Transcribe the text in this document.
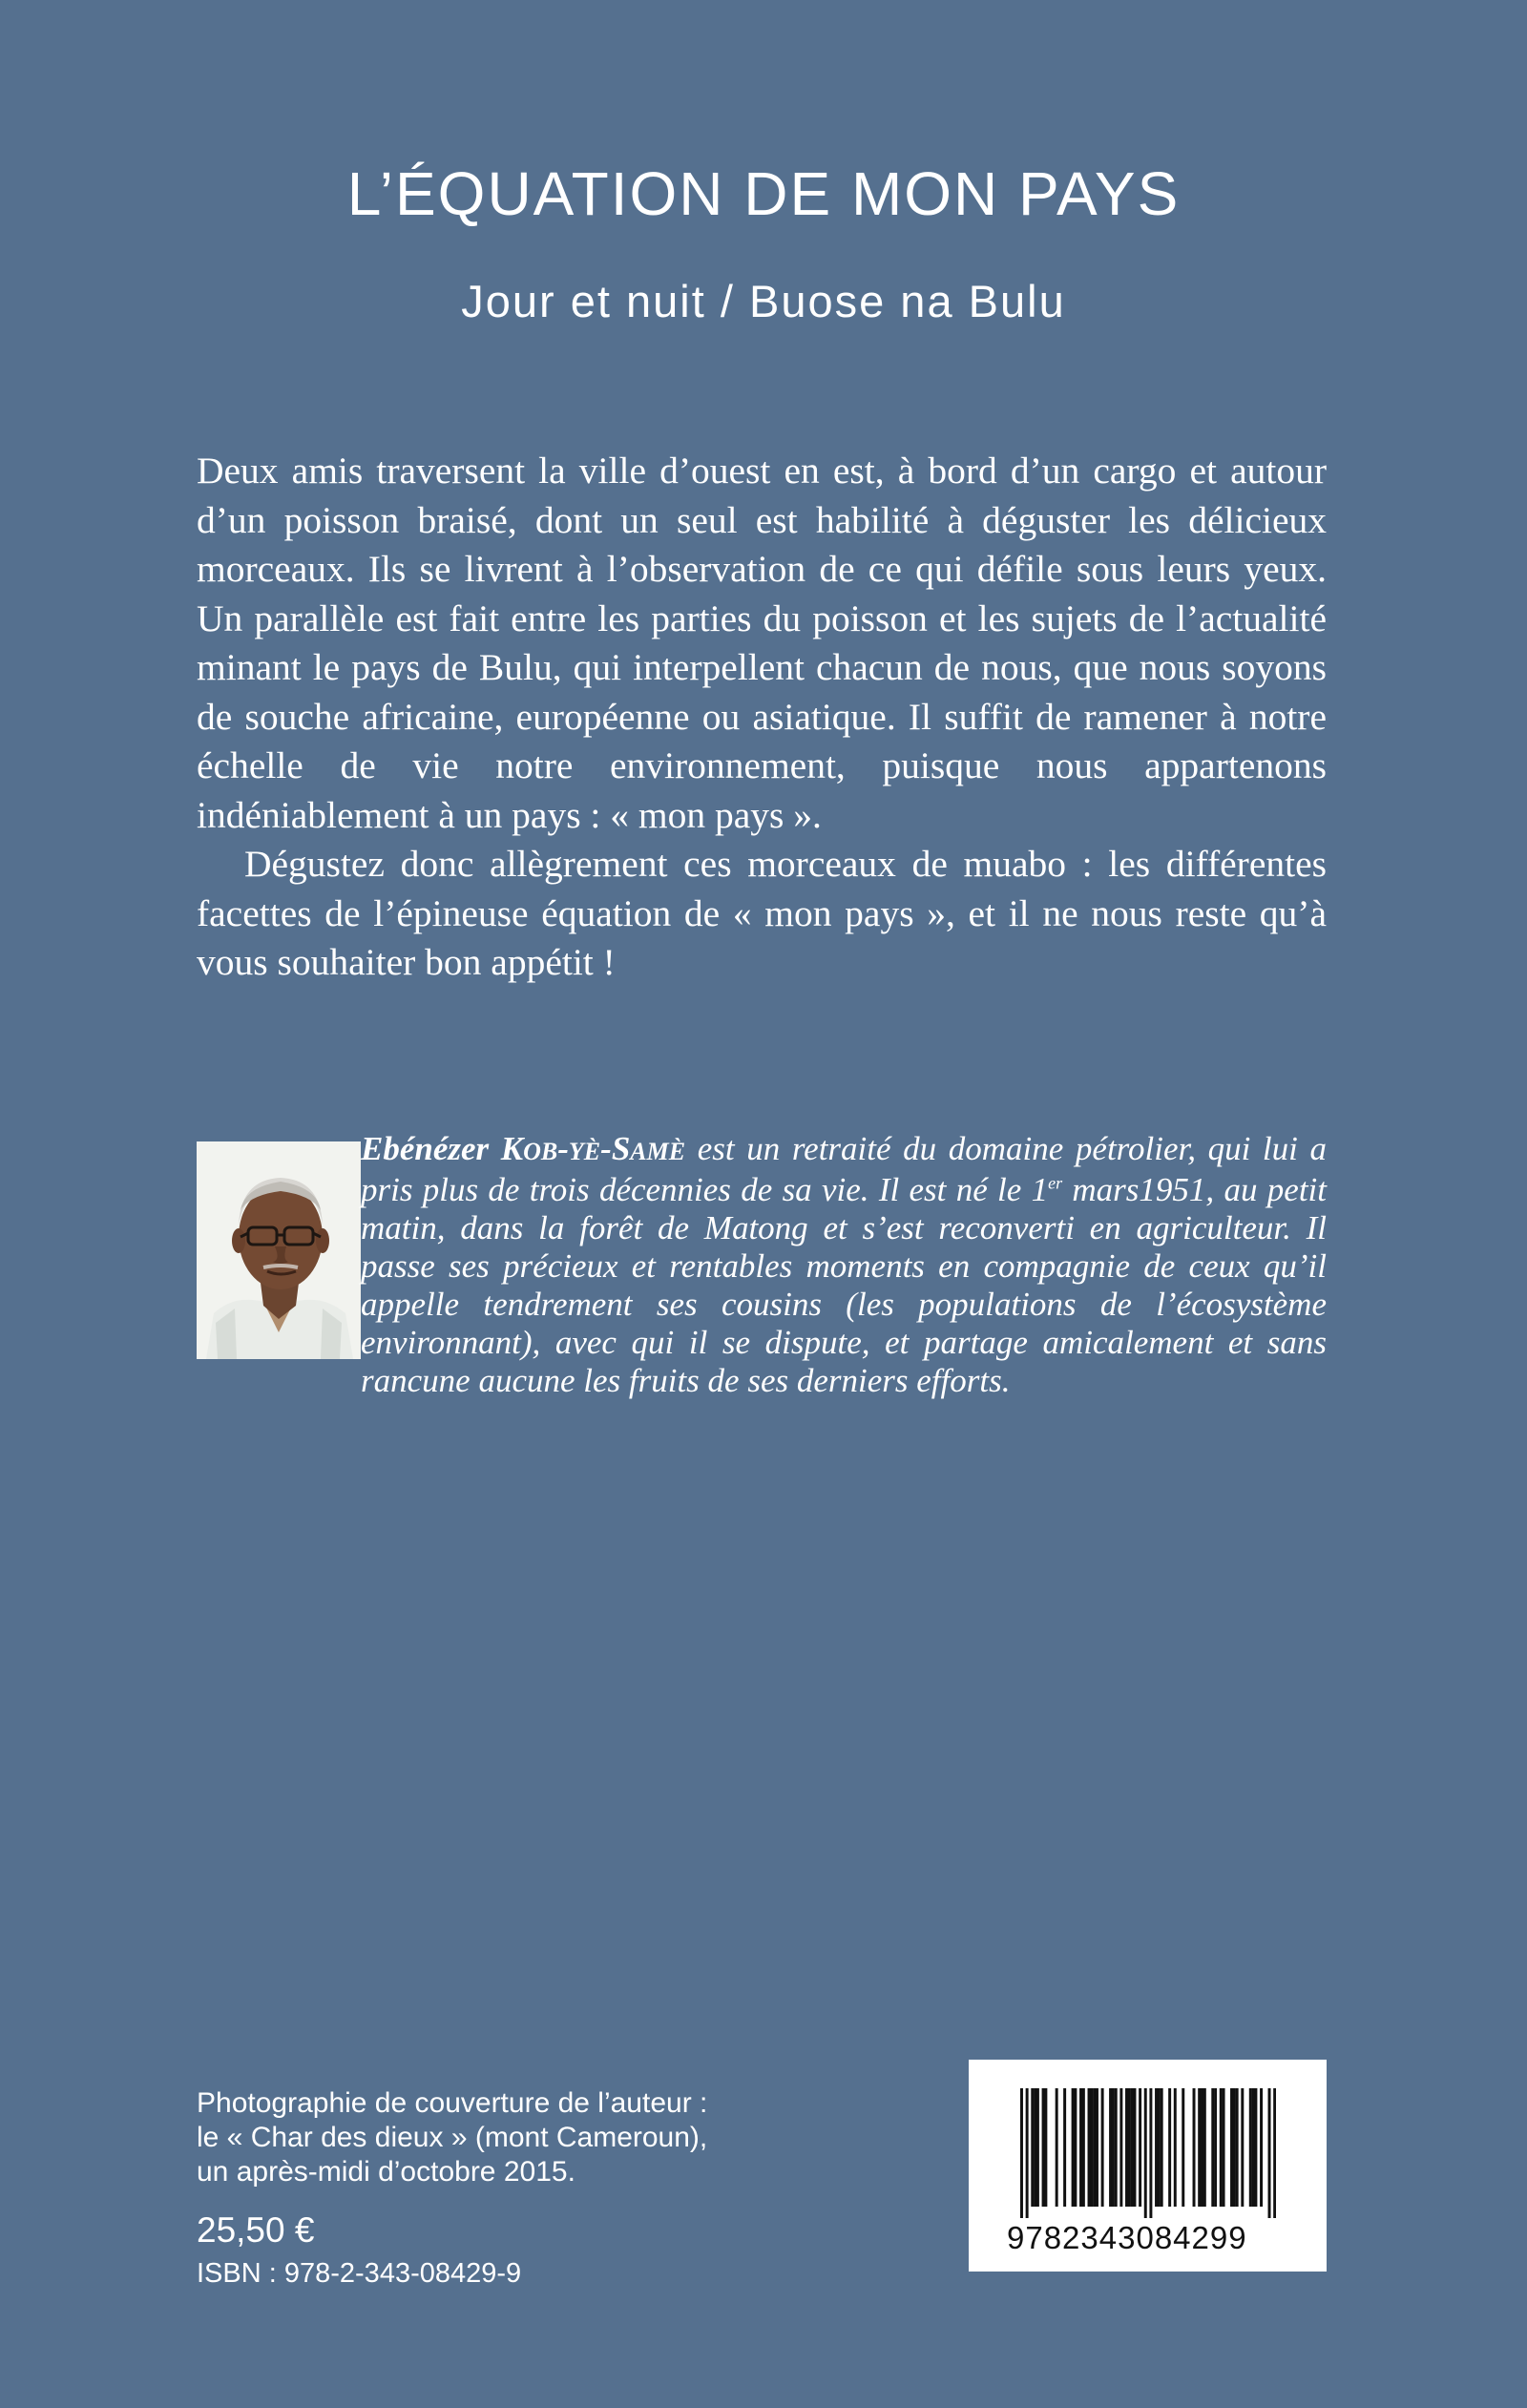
L’ÉQUATION DE MON PAYS
Jour et nuit / Buose na Bulu

Deux amis traversent la ville d’ouest en est, à bord d’un cargo et autour d’un poisson braisé, dont un seul est habilité à déguster les délicieux morceaux. Ils se livrent à l’observation de ce qui défile sous leurs yeux. Un parallèle est fait entre les parties du poisson et les sujets de l’actualité minant le pays de Bulu, qui interpellent chacun de nous, que nous soyons de souche africaine, européenne ou asiatique. Il suffit de ramener à notre échelle de vie notre environnement, puisque nous appartenons indéniablement à un pays : « mon pays ».

Dégustez donc allègrement ces morceaux de muabo : les différentes facettes de l’épineuse équation de « mon pays », et il ne nous reste qu’à vous souhaiter bon appétit !

Ebénézer KOB-YÈ-SAMÈ est un retraité du domaine pétrolier, qui lui a pris plus de trois décennies de sa vie. Il est né le 1er mars1951, au petit matin, dans la forêt de Matong et s’est reconverti en agriculteur. Il passe ses précieux et rentables moments en compagnie de ceux qu’il appelle tendrement ses cousins (les populations de l’écosystème environnant), avec qui il se dispute, et partage amicalement et sans rancune aucune les fruits de ses derniers efforts.

Photographie de couverture de l’auteur :
le « Char des dieux » (mont Cameroun),
un après-midi d’octobre 2015.
25,50 €
ISBN : 978-2-343-08429-9
9782343084299
